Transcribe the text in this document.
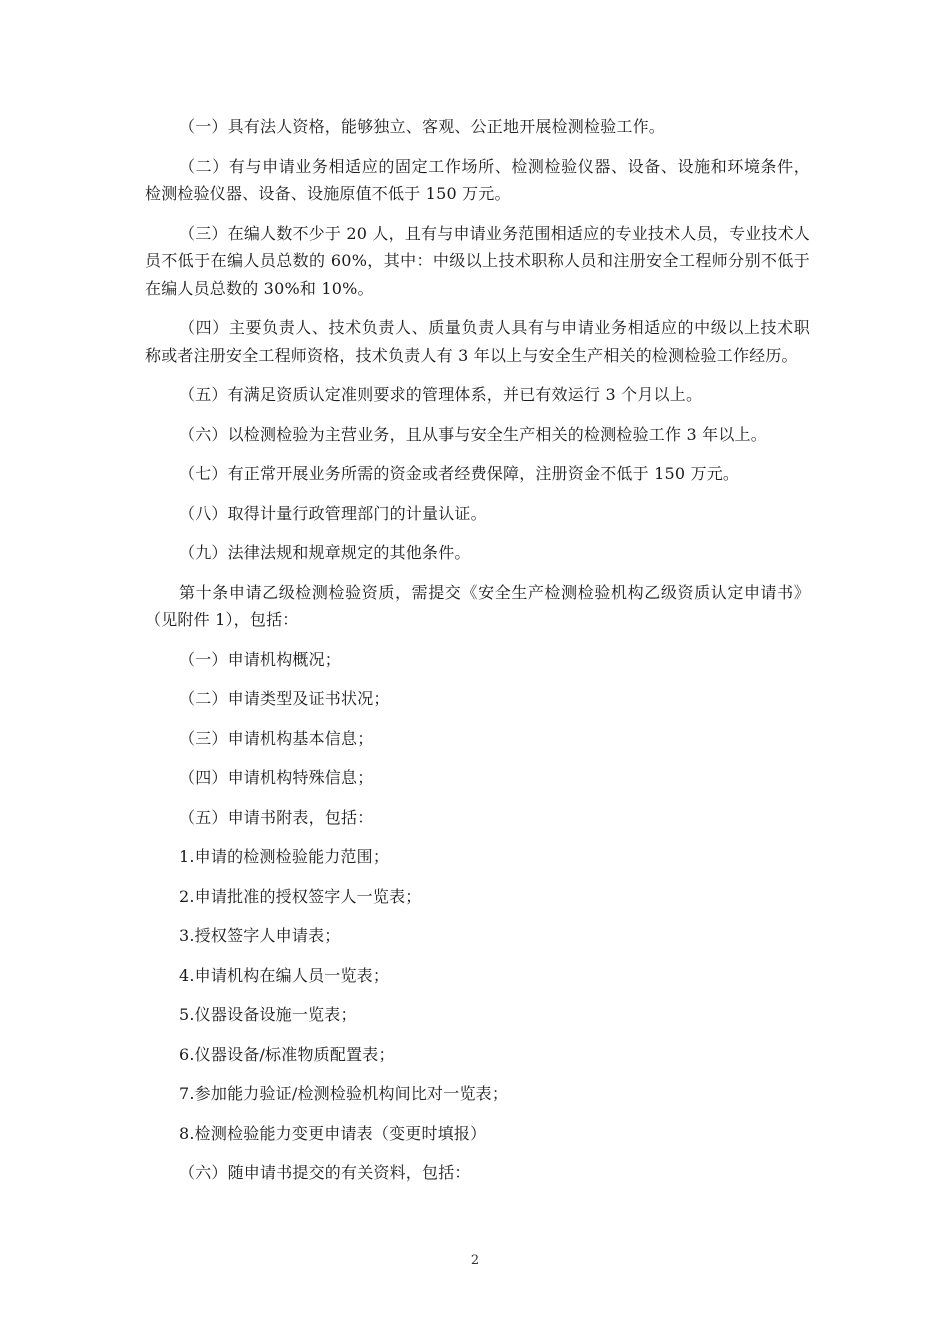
（一）具有法人资格，能够独立、客观、公正地开展检测检验工作。

（二）有与申请业务相适应的固定工作场所、检测检验仪器、设备、设施和环境条件，检测检验仪器、设备、设施原值不低于 150 万元。

（三）在编人数不少于 20 人，且有与申请业务范围相适应的专业技术人员，专业技术人员不低于在编人员总数的 60%，其中：中级以上技术职称人员和注册安全工程师分别不低于在编人员总数的 30%和 10%。

（四）主要负责人、技术负责人、质量负责人具有与申请业务相适应的中级以上技术职称或者注册安全工程师资格，技术负责人有 3 年以上与安全生产相关的检测检验工作经历。

（五）有满足资质认定准则要求的管理体系，并已有效运行 3 个月以上。

（六）以检测检验为主营业务，且从事与安全生产相关的检测检验工作 3 年以上。

（七）有正常开展业务所需的资金或者经费保障，注册资金不低于 150 万元。

（八）取得计量行政管理部门的计量认证。

（九）法律法规和规章规定的其他条件。

第十条申请乙级检测检验资质，需提交《安全生产检测检验机构乙级资质认定申请书》（见附件 1），包括：

（一）申请机构概况；

（二）申请类型及证书状况；

（三）申请机构基本信息；

（四）申请机构特殊信息；

（五）申请书附表，包括：

1.申请的检测检验能力范围；

2.申请批准的授权签字人一览表；

3.授权签字人申请表；

4.申请机构在编人员一览表；

5.仪器设备设施一览表；

6.仪器设备/标准物质配置表；

7.参加能力验证/检测检验机构间比对一览表；

8.检测检验能力变更申请表（变更时填报）

（六）随申请书提交的有关资料，包括：

2
